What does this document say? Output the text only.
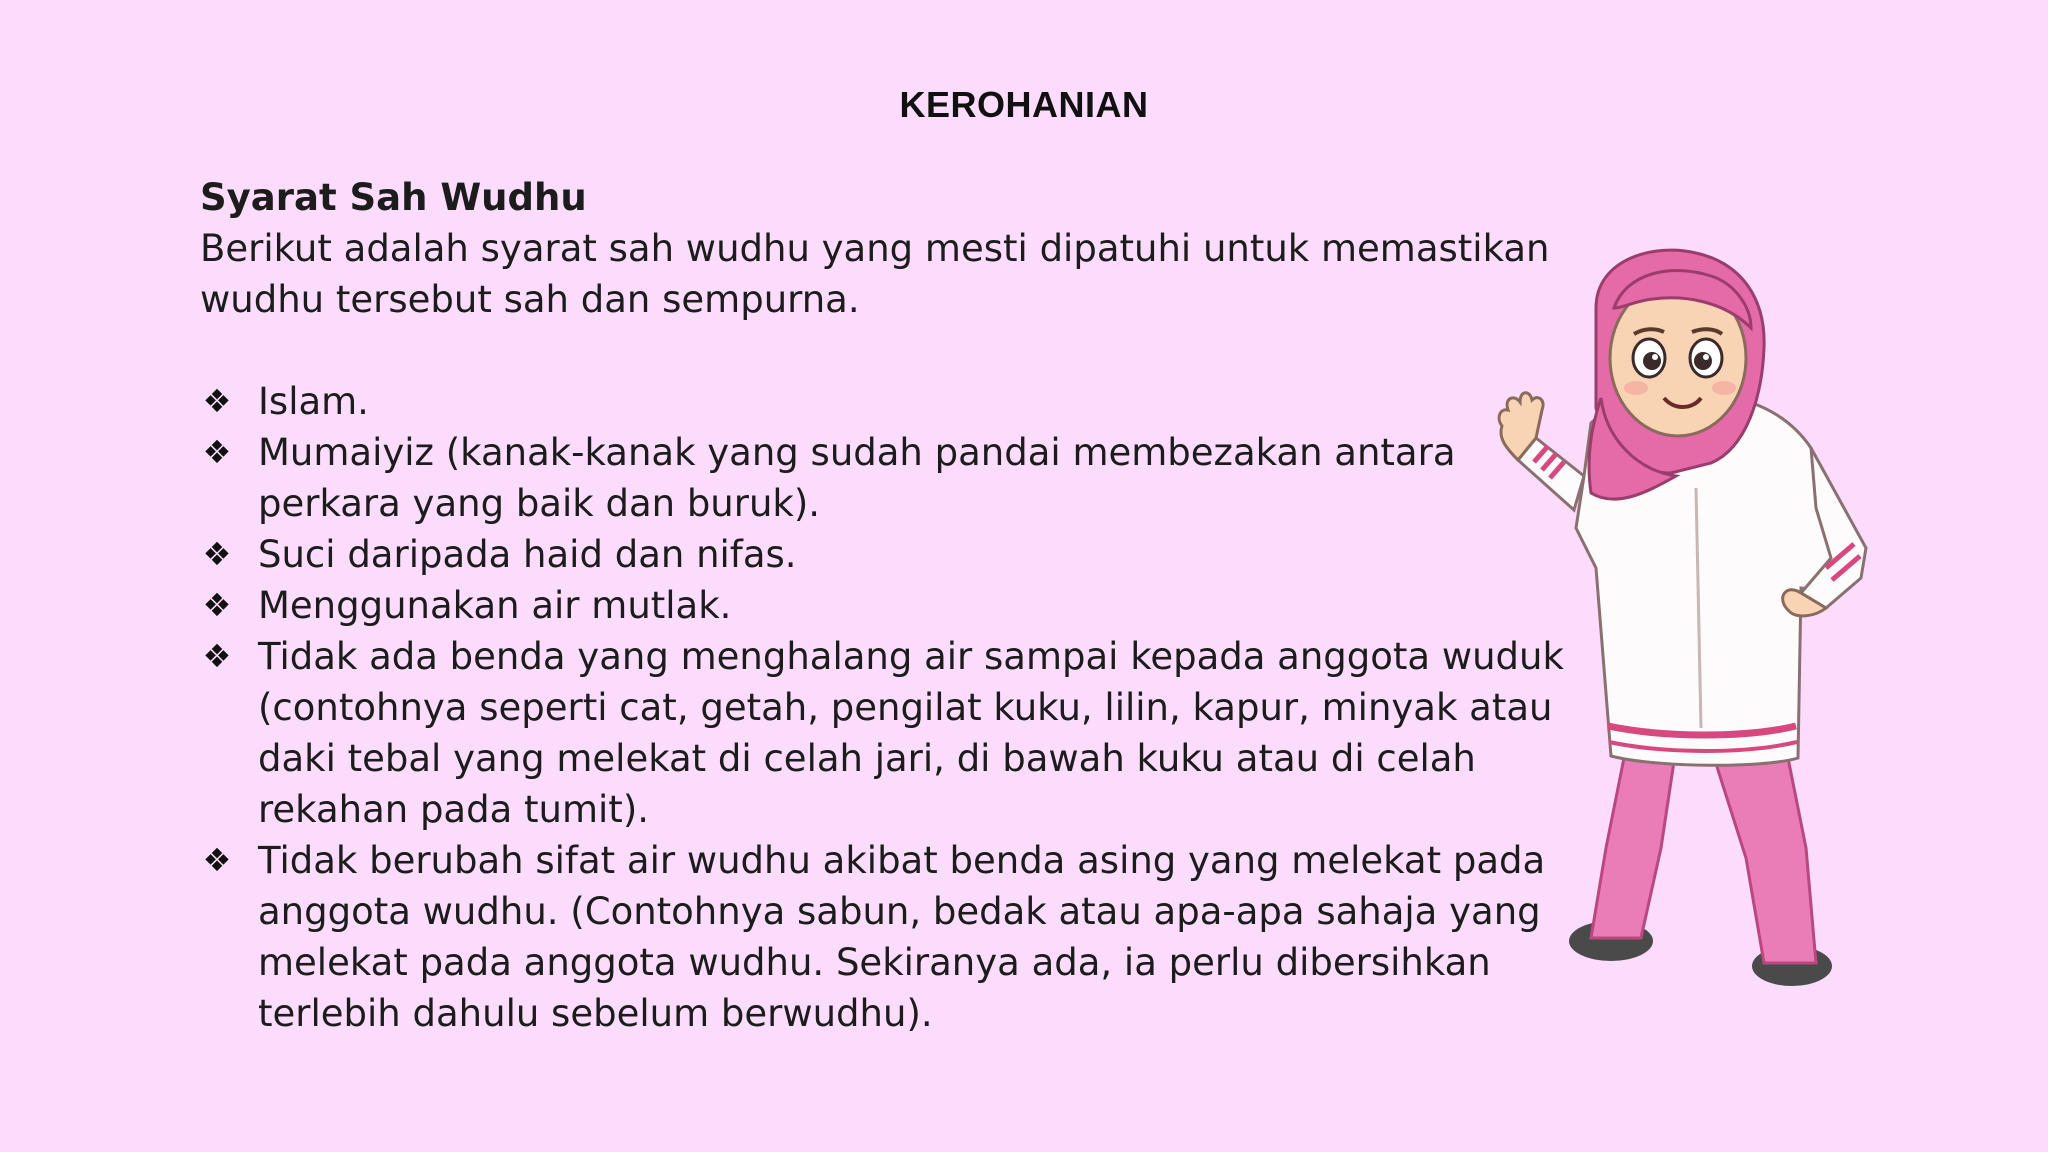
KEROHANIAN

Syarat Sah Wudhu

Berikut adalah syarat sah wudhu yang mesti dipatuhi untuk memastikan wudhu tersebut sah dan sempurna.

❖ Islam.
❖ Mumaiyiz (kanak-kanak yang sudah pandai membezakan antara perkara yang baik dan buruk).
❖ Suci daripada haid dan nifas.
❖ Menggunakan air mutlak.
❖ Tidak ada benda yang menghalang air sampai kepada anggota wuduk (contohnya seperti cat, getah, pengilat kuku, lilin, kapur, minyak atau daki tebal yang melekat di celah jari, di bawah kuku atau di celah rekahan pada tumit).
❖ Tidak berubah sifat air wudhu akibat benda asing yang melekat pada anggota wudhu. (Contohnya sabun, bedak atau apa-apa sahaja yang melekat pada anggota wudhu. Sekiranya ada, ia perlu dibersihkan terlebih dahulu sebelum berwudhu).
